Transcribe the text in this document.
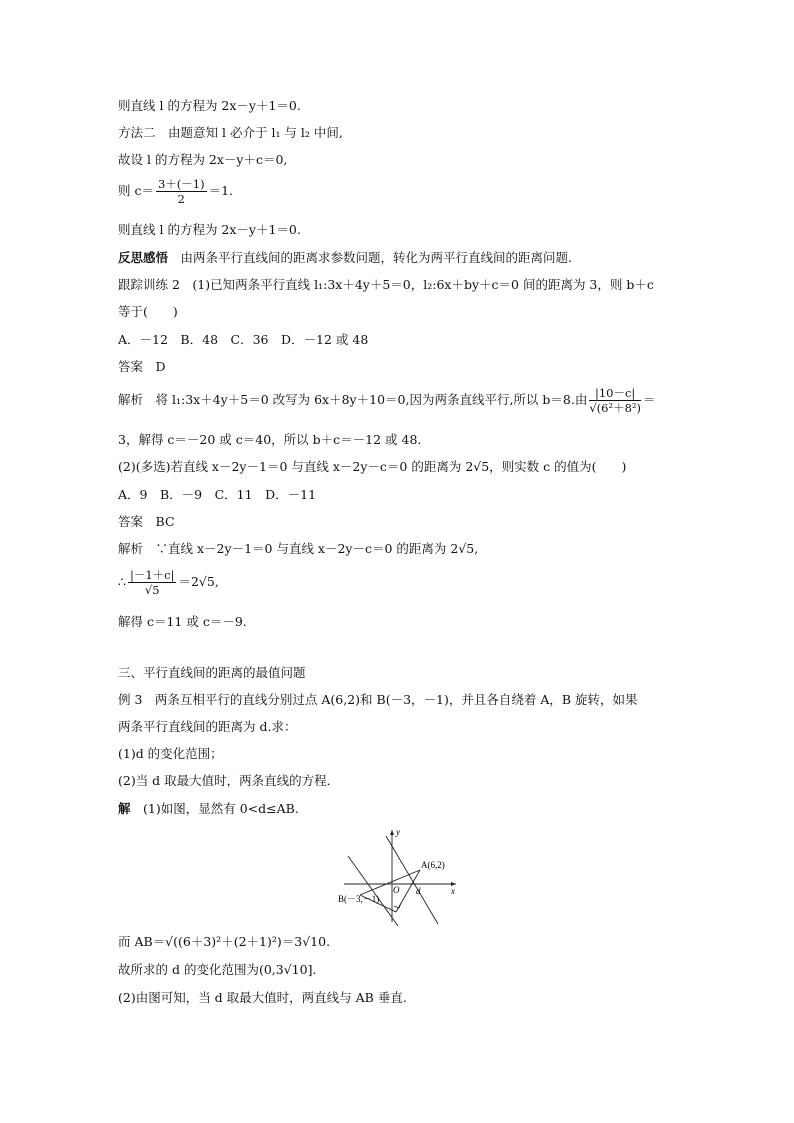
则直线 l 的方程为 2x－y＋1＝0.
方法二　 由题意知 l 必介于 l₁ 与 l₂ 中间,
故设 l 的方程为 2x－y＋c＝0,
则 $c= \frac{3+(-1)}{2} =1$.
则直线 l 的方程为 2x－y＋1＝0.
反思感悟　 由两条平行直线间的距离求参数问题，转化为两平行直线间的距离问题.
跟踪训练 2　(1)已知两条平行直线 l₁:3x＋4y＋5＝0，l₂:6x＋by＋c＝0 间的距离为 3，则 b＋c
等于(　　)
A．－12　B．48　C．36　D．－12 或 48
答案　 D
解析　 将 l₁:3x＋4y＋5＝0 改写为 6x＋8y＋10＝0,因为两条直线平行,所以 b＝8.由 $\frac{|10-c|}{\text{√(6²＋8²)}}$ ＝
3，解得 c＝－20 或 c＝40，所以 b＋c＝－12 或 48.
(2)(多选)若直线 x－2y－1＝0 与直线 x－2y－c＝0 的距离为 2√5，则实数 c 的值为(　　)
A．9　B．－9　C．11　D．－11
答案　 BC
解析　 ∵直线 x－2y－1＝0 与直线 x－2y－c＝0 的距离为 2√5,
∴ $\frac{|-1+c|}{√5} =2√5$,
解得 c＝11 或 c＝－9.
三、平行直线间的距离的最值问题
例 3　两条互相平行的直线分别过点 A(6,2)和 B(－3，－1)，并且各自绕着 A，B 旋转，如果
两条平行直线间的距离为 d.求：
(1)d 的变化范围；
(2)当 d 取最大值时，两条直线的方程．
解　 (1)如图，显然有 0<d≤AB.
而 AB＝√((6＋3)²＋(2＋1)²)＝3√10.
故所求的 d 的变化范围为(0,3√10].
(2)由图可知，当 d 取最大值时，两直线与 AB 垂直.
y
x
O
A(6,2)
B(－3,－1)
d
